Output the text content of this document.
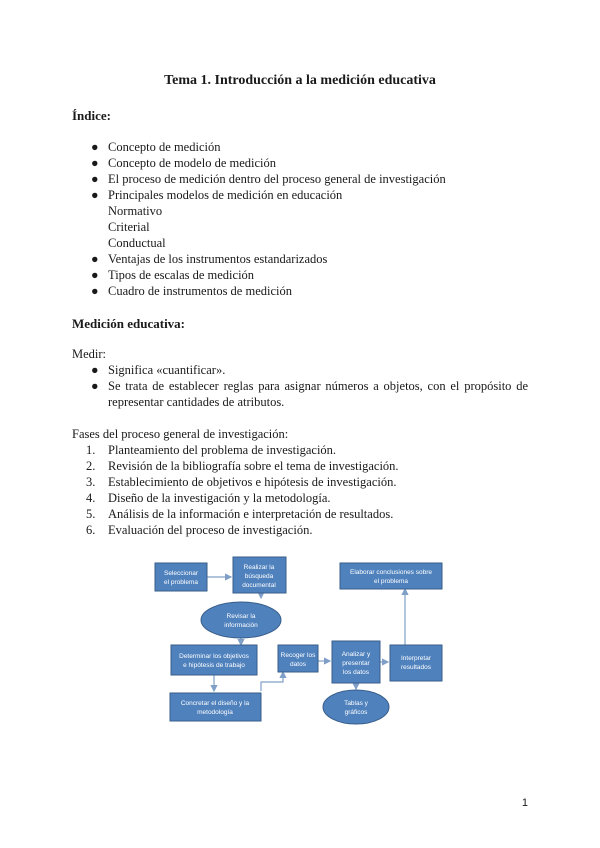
Tema 1. Introducción a la medición educativa
Índice:
● Concepto de medición
● Concepto de modelo de medición
● El proceso de medición dentro del proceso general de investigación
● Principales modelos de medición en educación
Normativo
Criterial
Conductual
● Ventajas de los instrumentos estandarizados
● Tipos de escalas de medición
● Cuadro de instrumentos de medición
Medición educativa:
Medir:
● Significa «cuantificar».
● Se trata de establecer reglas para asignar números a objetos, con el propósito de representar cantidades de atributos.
Fases del proceso general de investigación:
1. Planteamiento del problema de investigación.
2. Revisión de la bibliografía sobre el tema de investigación.
3. Establecimiento de objetivos e hipótesis de investigación.
4. Diseño de la investigación y la metodología.
5. Análisis de la información e interpretación de resultados.
6. Evaluación del proceso de investigación.
Seleccionar
el problema
Realizar la
búsqueda
documental
Revisar la
información
Determinar los objetivos
e hipótesis de trabajo
Concretar el diseño y la
metodología
Recoger los
datos
Analizar y
presentar
los datos
Tablas y
gráficos
Interpretar
resultados
Elaborar conclusiones sobre
el problema
1
